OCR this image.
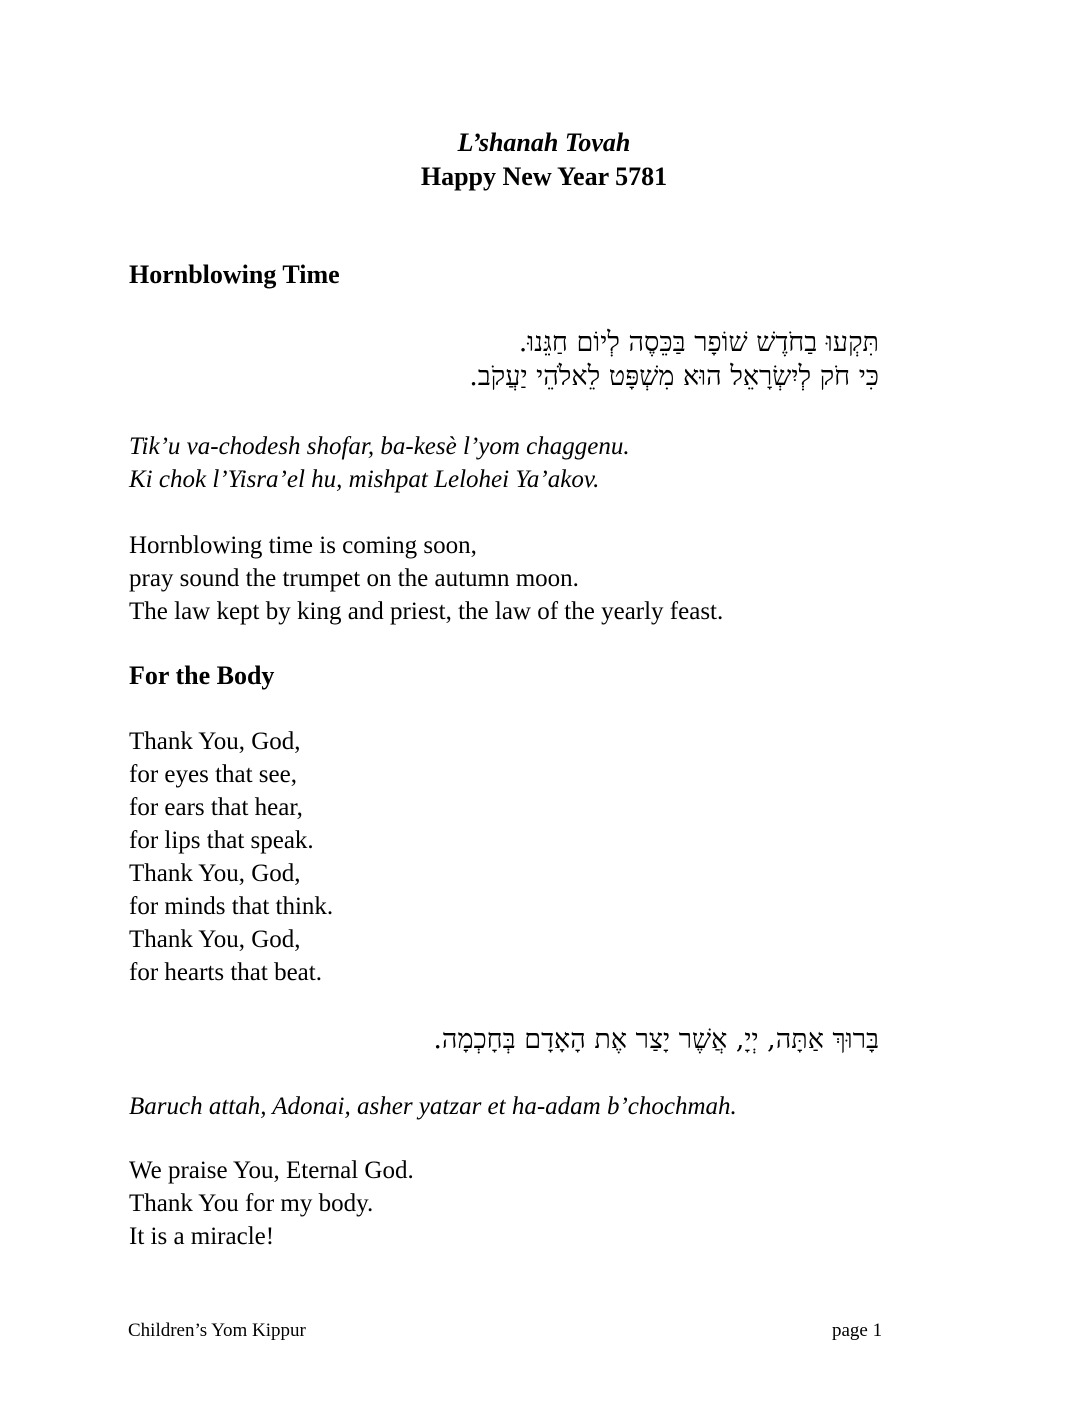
L’shanah Tovah
Happy New Year 5781
Hornblowing Time
תִּקְעוּ בַחֹדֶשׁ שׁוֹפָר בַּכֵּסֶה לְיוֹם חַגֵּנוּ.
כִּי חֹק לְיִשְׂרָאֵל הוּא מִשְׁפָּט לֵאלֹהֵי יַעֲקֹב.
Tik’u va-chodesh shofar, ba-kesè l’yom chaggenu.
Ki chok l’Yisra’el hu, mishpat Lelohei Ya’akov.
Hornblowing time is coming soon,
pray sound the trumpet on the autumn moon.
The law kept by king and priest, the law of the yearly feast.
For the Body
Thank You, God,
for eyes that see,
for ears that hear,
for lips that speak.
Thank You, God,
for minds that think.
Thank You, God,
for hearts that beat.
בָּרוּךְ אַתָּה, יְיָ, אֲשֶׁר יָצַר אֶת הָאָדָם בְּחָכְמָה.
Baruch attah, Adonai, asher yatzar et ha-adam b’chochmah.
We praise You, Eternal God.
Thank You for my body.
It is a miracle!
Children’s Yom Kippur	page 1
